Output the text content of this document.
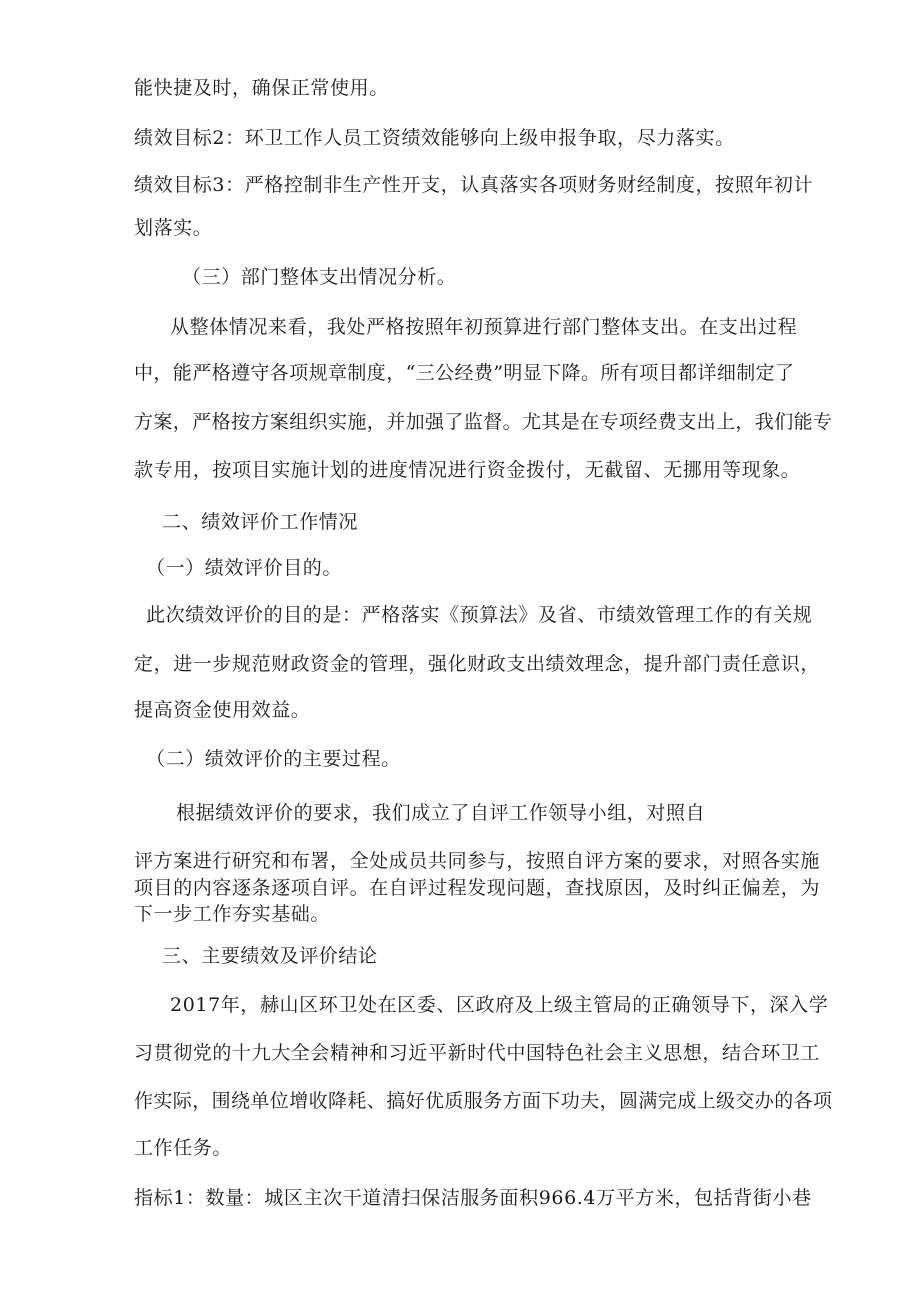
能快捷及时，确保正常使用。
绩效目标2：环卫工作人员工资绩效能够向上级申报争取，尽力落实。
绩效目标3：严格控制非生产性开支，认真落实各项财务财经制度，按照年初计
划落实。
（三）部门整体支出情况分析。
从整体情况来看，我处严格按照年初预算进行部门整体支出。在支出过程
中，能严格遵守各项规章制度，“三公经费”明显下降。所有项目都详细制定了
方案，严格按方案组织实施，并加强了监督。尤其是在专项经费支出上，我们能专
款专用，按项目实施计划的进度情况进行资金拨付，无截留、无挪用等现象。
二、绩效评价工作情况
（一）绩效评价目的。
此次绩效评价的目的是：严格落实《预算法》及省、市绩效管理工作的有关规
定，进一步规范财政资金的管理，强化财政支出绩效理念，提升部门责任意识，
提高资金使用效益。
（二）绩效评价的主要过程。
根据绩效评价的要求，我们成立了自评工作领导小组，对照自
评方案进行研究和布署，全处成员共同参与，按照自评方案的要求，对照各实施
项目的内容逐条逐项自评。在自评过程发现问题，查找原因，及时纠正偏差，为
下一步工作夯实基础。
三、主要绩效及评价结论
2017年，赫山区环卫处在区委、区政府及上级主管局的正确领导下，深入学
习贯彻党的十九大全会精神和习近平新时代中国特色社会主义思想，结合环卫工
作实际，围绕单位增收降耗、搞好优质服务方面下功夫，圆满完成上级交办的各项
工作任务。
指标1：数量：城区主次干道清扫保洁服务面积966.4万平方米，包括背街小巷
